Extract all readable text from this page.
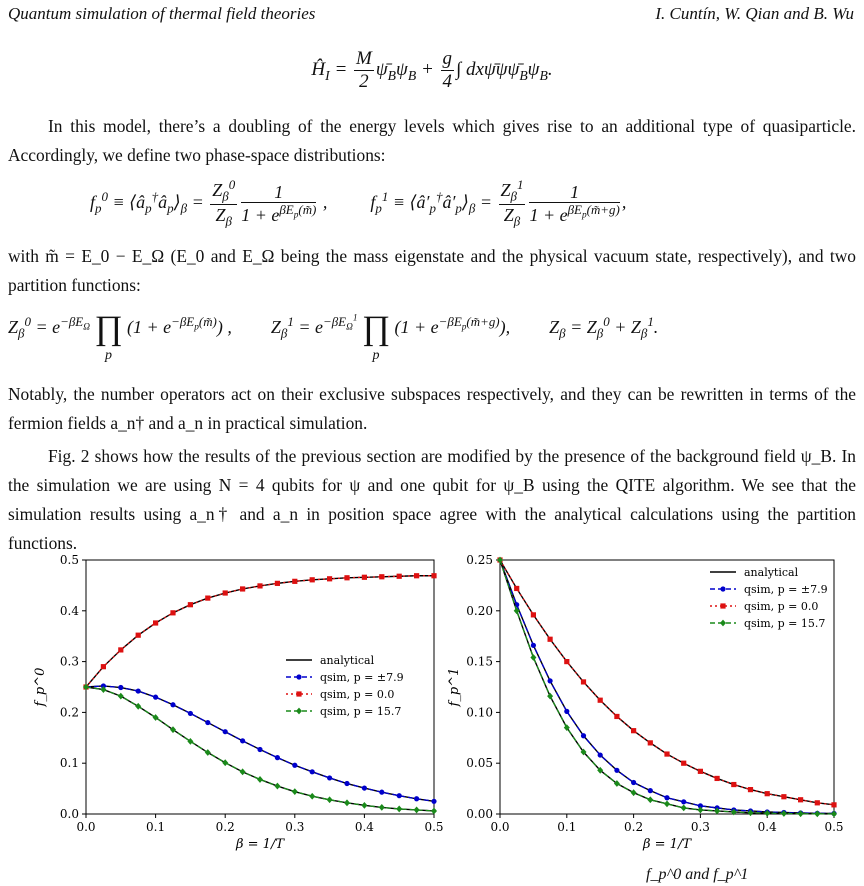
Quantum simulation of thermal field theories	I. Cuntín, W. Qian and B. Wu
$Ĥ_I = \frac{M}{2}$ $\psī_B\psi_B + \frac{g}{4}$ ∫ $dx\psī\psi\psī_B\psi_B$.

In this model, there’s a doubling of the energy levels which gives rise to an additional type of quasiparticle. Accordingly, we define two phase-space distributions:

$f_p^0$ ≡ $⟨â_p^\dagger â_p⟩_\beta = \frac{Z_\beta^0}{Z_\beta} \frac{1}{1 + e^{\beta E_p(m̃)}}$ , $f_p^1$ ≡ $⟨â'_p^\dagger â'_p⟩_\beta = \frac{Z_\beta^1}{Z_\beta} \frac{1}{1 + e^{\beta E_p(m̃+g)}}$ ,

with m̃ = E_0 − E_Ω (E_0 and E_Ω being the mass eigenstate and the physical vacuum state, respectively), and two partition functions:

$Z_\beta^0 = e^{-\beta E_\Omega}$ ∏
p
$(1 + e^{-\beta E_p(m̃)})$ , $Z_\beta^1 = e^{-\beta E_\Omega^1}$ ∏
p
$(1 + e^{-\beta E_p(m̃+g)})$, $Z_\beta = Z_\beta^0 + Z_\beta^1$.

Notably, the number operators act on their exclusive subspaces respectively, and they can be rewritten in terms of the fermion fields a_n† and a_n in practical simulation.

Fig. 2 shows how the results of the previous section are modified by the presence of the background field ψ_B. In the simulation we are using N = 4 qubits for ψ and one qubit for ψ_B using the QITE algorithm. We see that the simulation results using a_n† and a_n in position space agree with the analytical calculations using the partition functions.

0.0	0.1	0.2	0.3	0.4	0.5
0.0
0.1
0.2
0.3
0.4
0.5
β = 1/T
f_p^0
analytical
qsim, p = ±7.9
qsim, p = 0.0
qsim, p = 15.7
0.0	0.1	0.2	0.3	0.4	0.5
0.00
0.05
0.10
0.15
0.20
0.25
β = 1/T
f_p^1
analytical
qsim, p = ±7.9
qsim, p = 0.0
qsim, p = 15.7
f_p^0 and f_p^1
